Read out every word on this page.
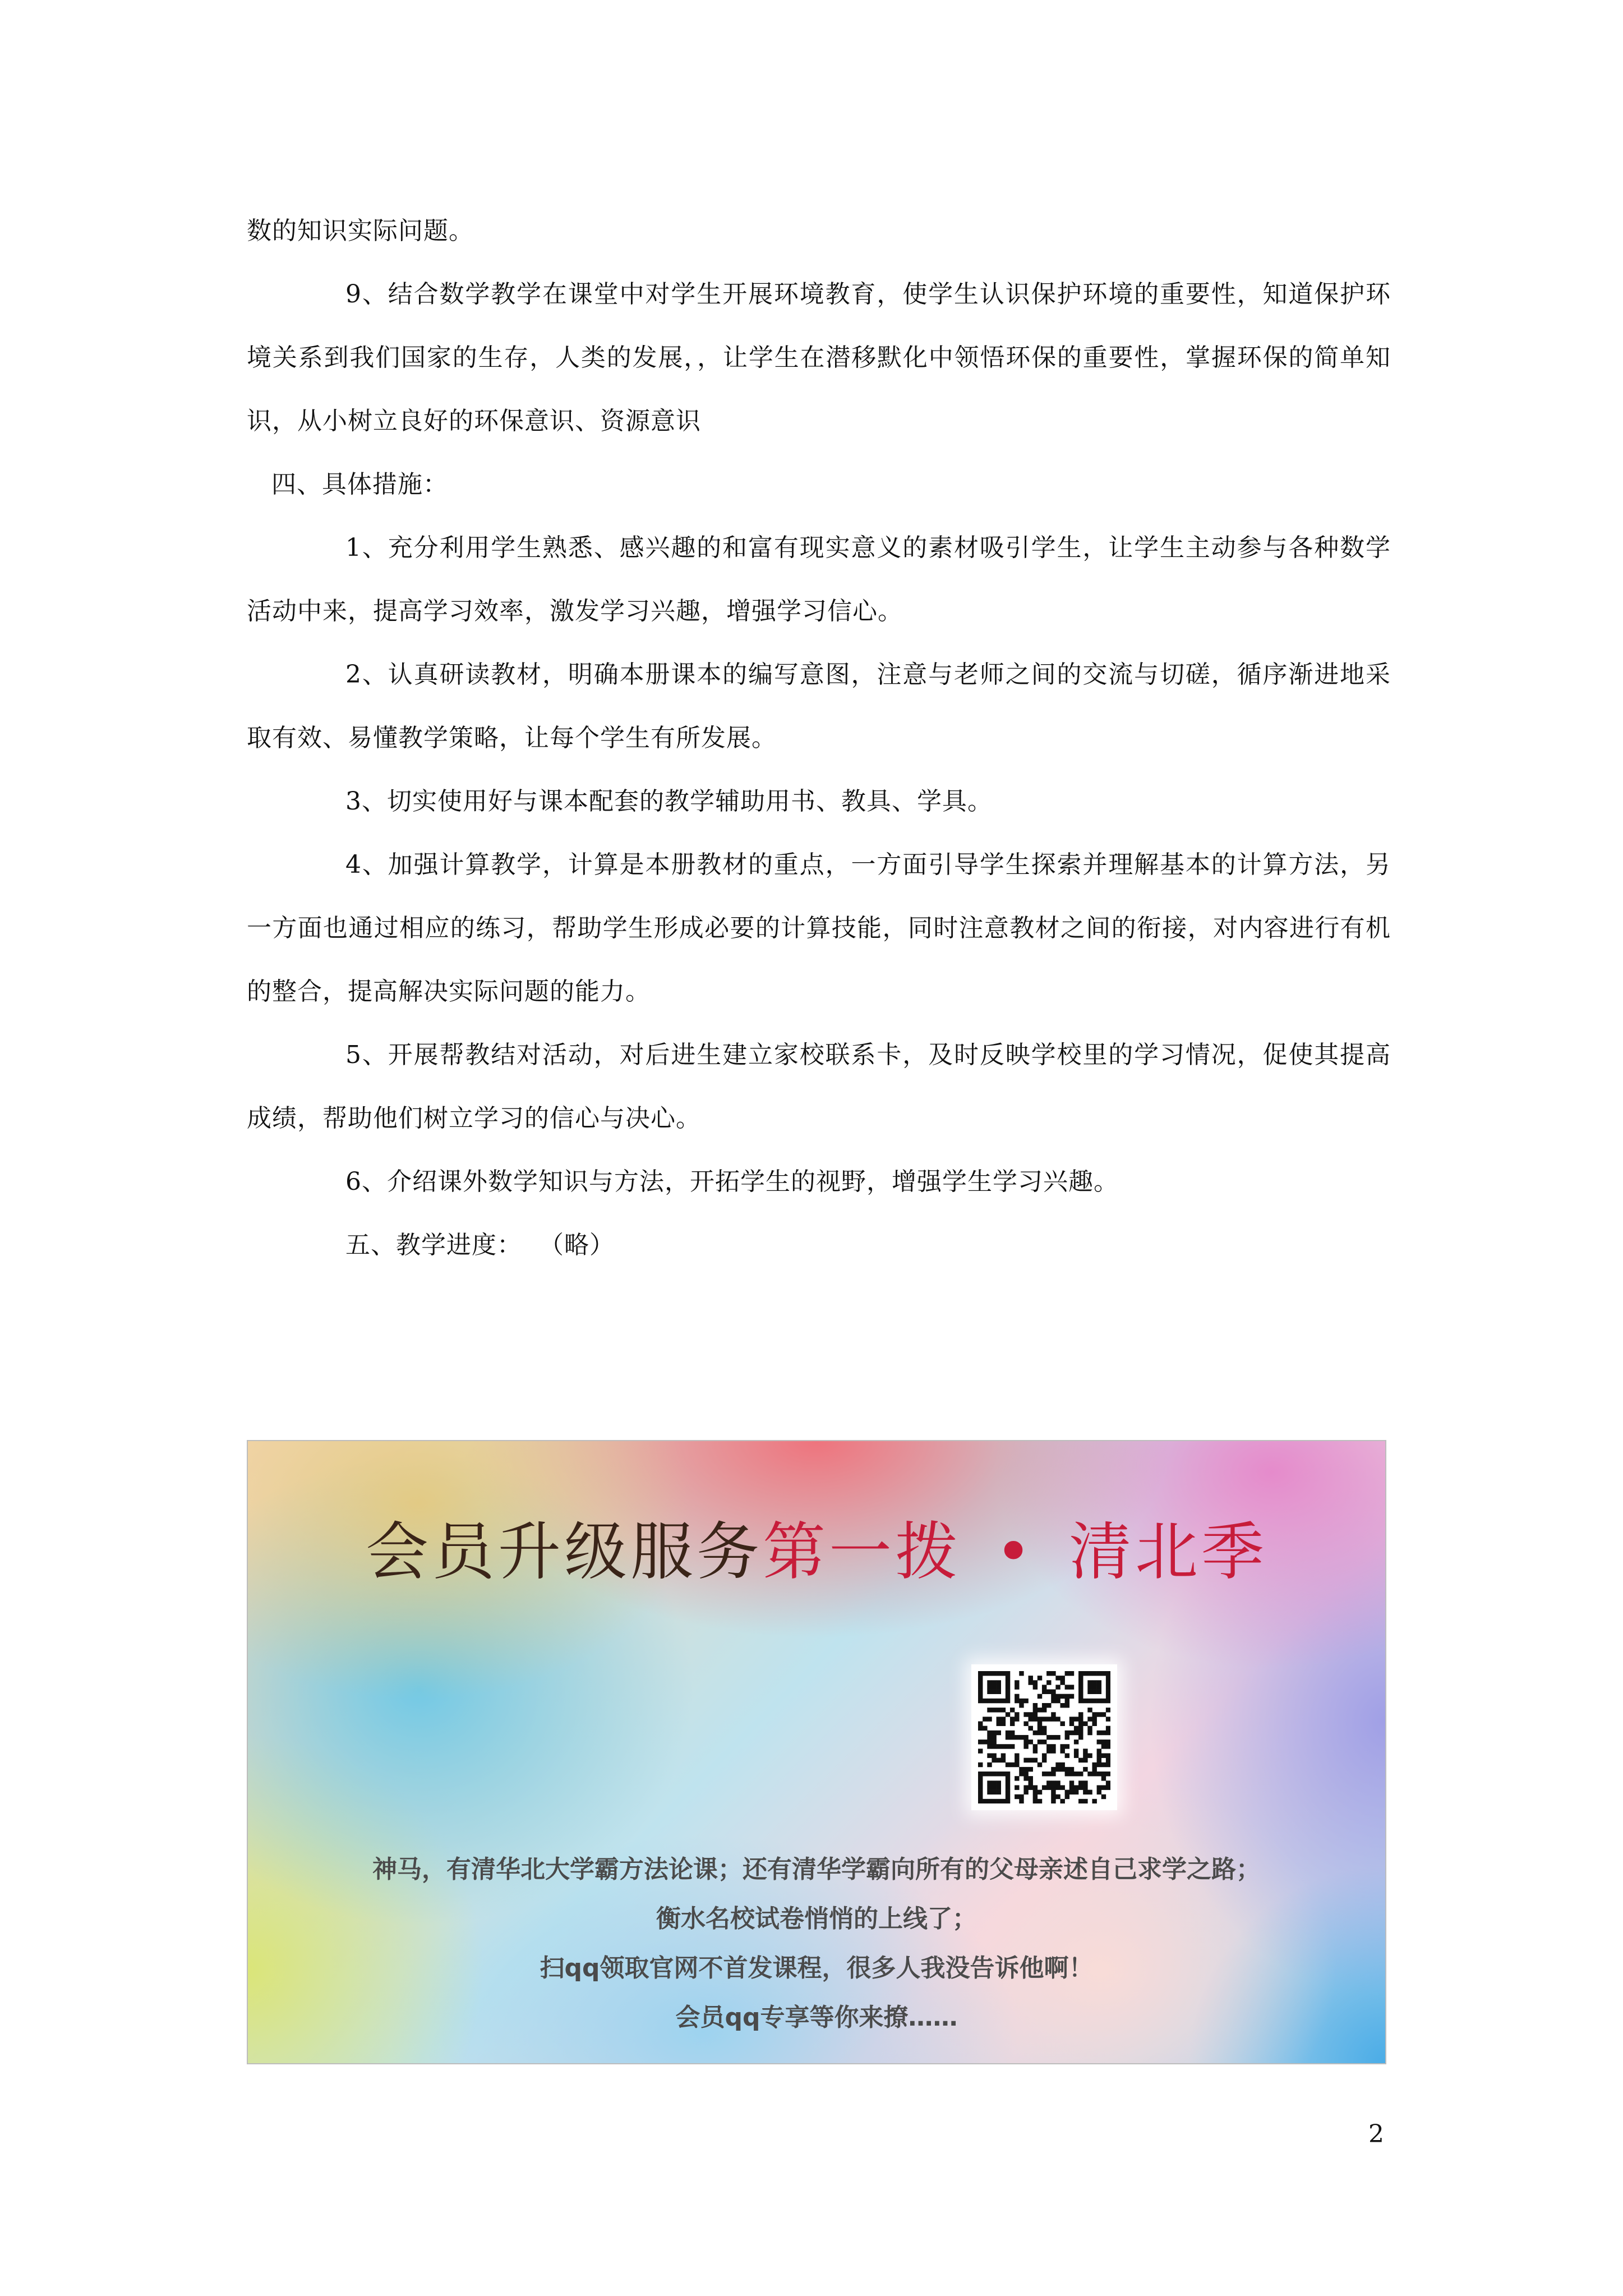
数的知识实际问题。

9、结合数学教学在课堂中对学生开展环境教育，使学生认识保护环境的重要性，知道保护环境关系到我们国家的生存，人类的发展，，让学生在潜移默化中领悟环保的重要性，掌握环保的简单知识，从小树立良好的环保意识、资源意识

四、具体措施：

1、充分利用学生熟悉、感兴趣的和富有现实意义的素材吸引学生，让学生主动参与各种数学活动中来，提高学习效率，激发学习兴趣，增强学习信心。

2、认真研读教材，明确本册课本的编写意图，注意与老师之间的交流与切磋，循序渐进地采取有效、易懂教学策略，让每个学生有所发展。

3、切实使用好与课本配套的教学辅助用书、教具、学具。

4、加强计算教学，计算是本册教材的重点，一方面引导学生探索并理解基本的计算方法，另一方面也通过相应的练习，帮助学生形成必要的计算技能，同时注意教材之间的衔接，对内容进行有机的整合，提高解决实际问题的能力。

5、开展帮教结对活动，对后进生建立家校联系卡，及时反映学校里的学习情况，促使其提高成绩，帮助他们树立学习的信心与决心。

6、介绍课外数学知识与方法，开拓学生的视野，增强学生学习兴趣。

五、教学进度：  （略）

会员升级服务第一拨 • 清北季
神马，有清华北大学霸方法论课；还有清华学霸向所有的父母亲述自己求学之路；
衡水名校试卷悄悄的上线了；
扫qq领取官网不首发课程，很多人我没告诉他啊！
会员qq专享等你来撩……
2
